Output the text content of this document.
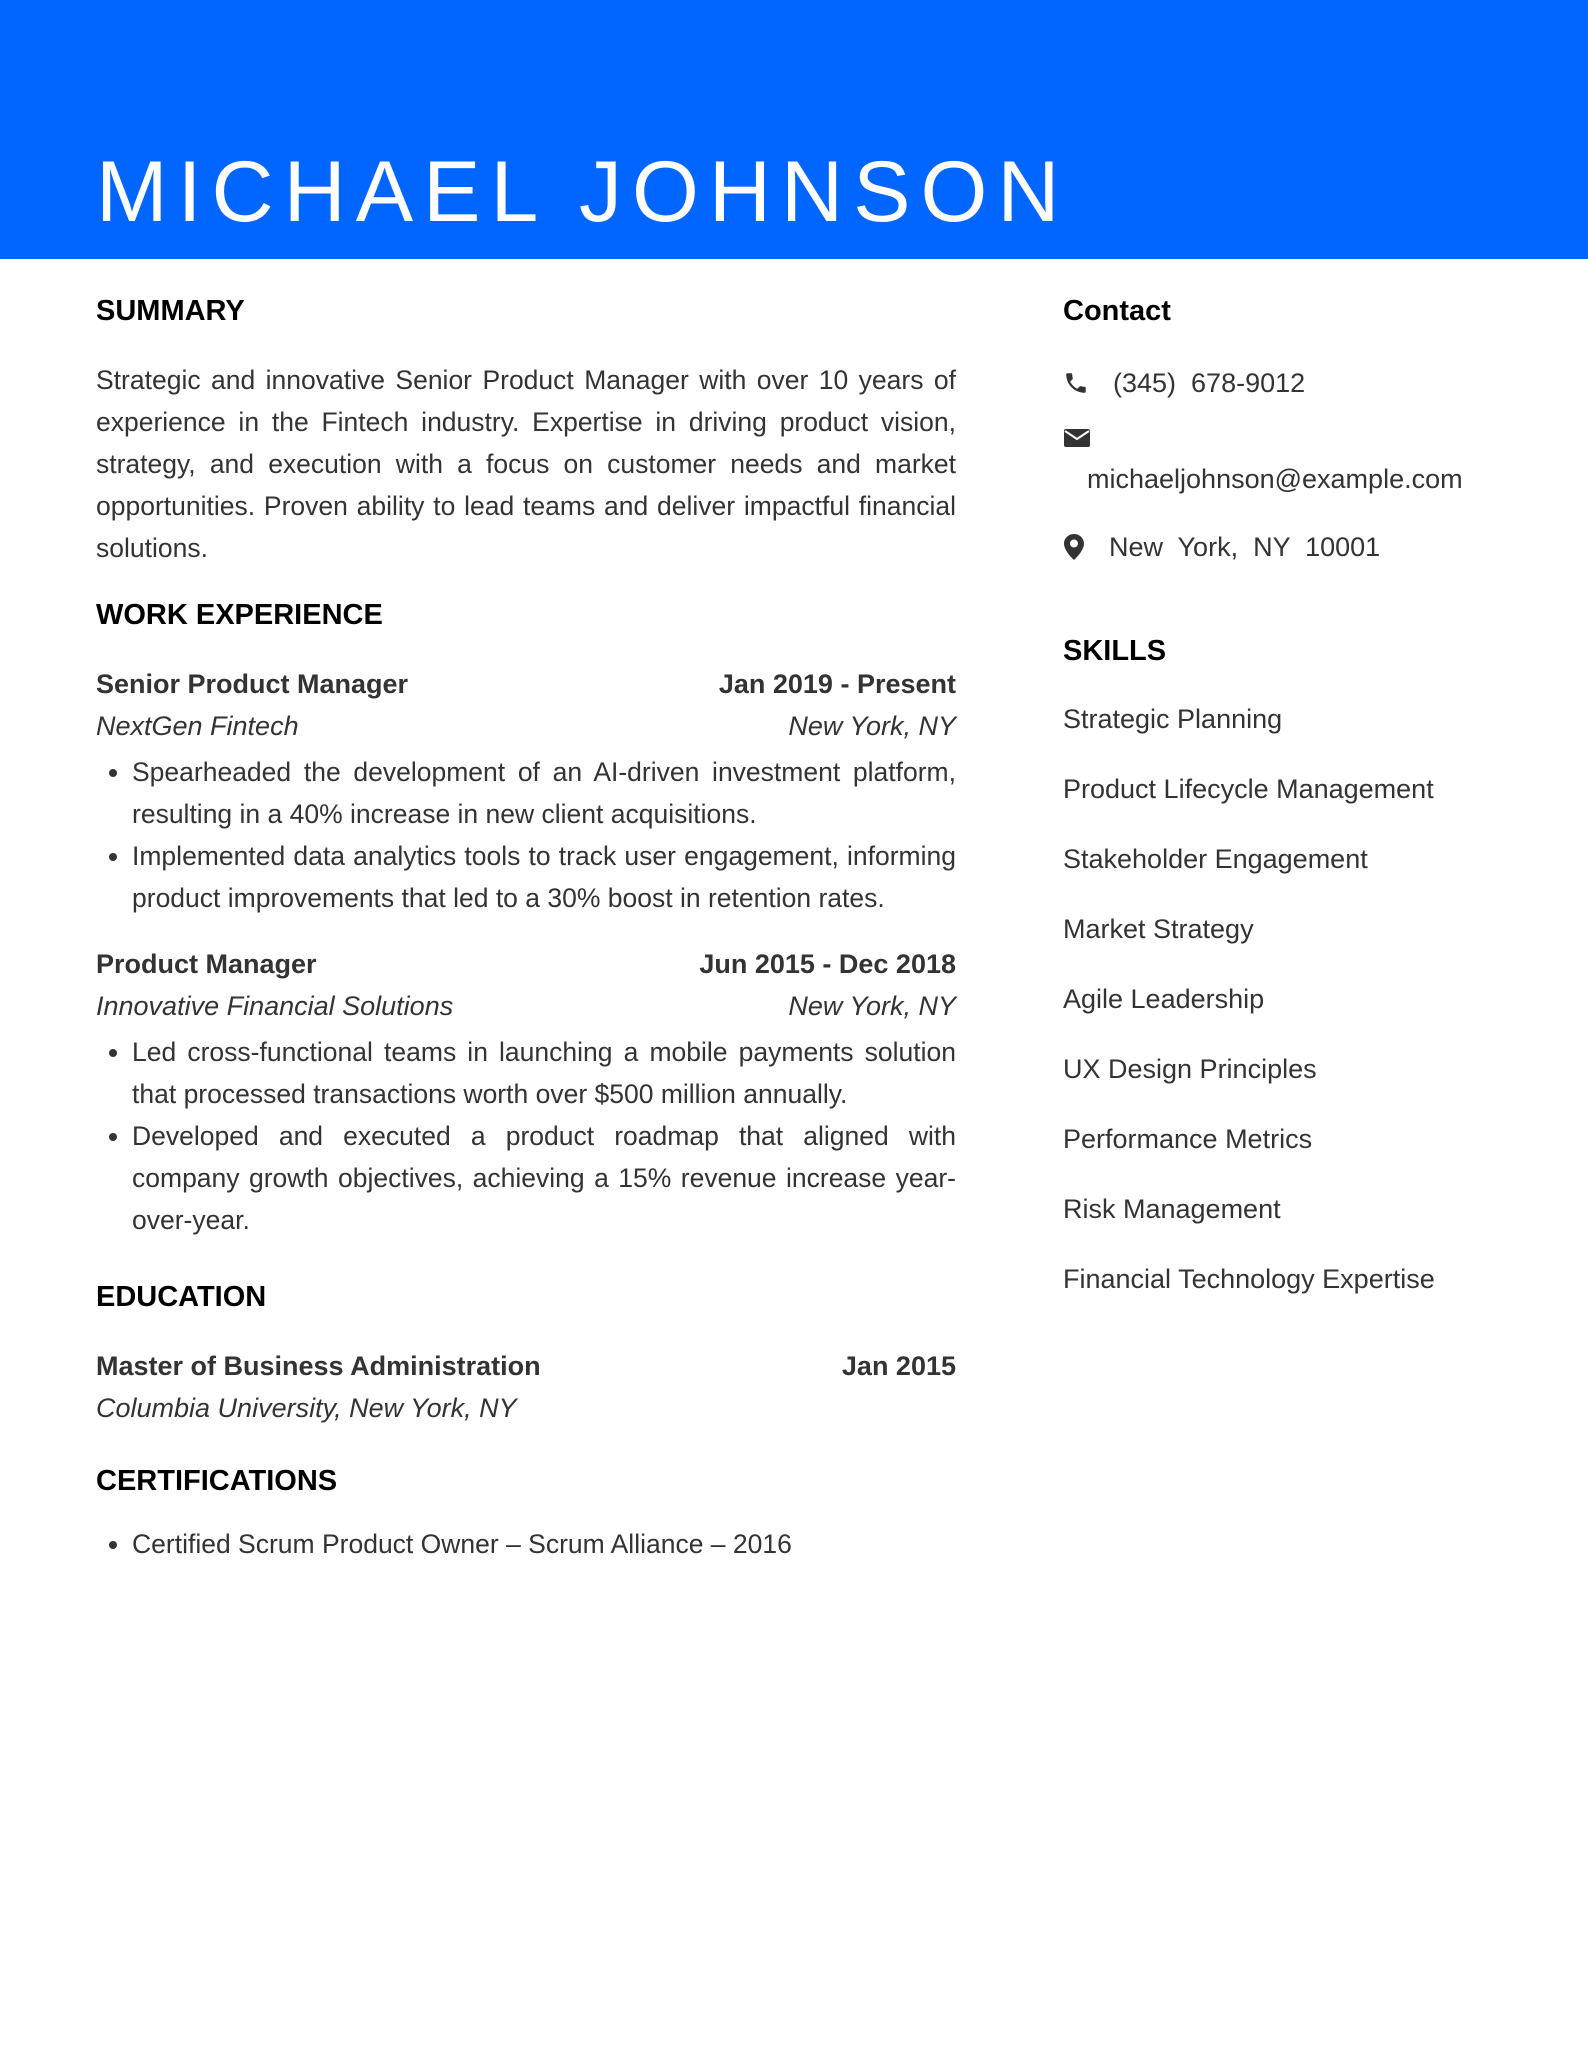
MICHAEL JOHNSON
SUMMARY

Strategic and innovative Senior Product Manager with over 10 years of experience in the Fintech industry. Expertise in driving product vision, strategy, and execution with a focus on customer needs and market opportunities. Proven ability to lead teams and deliver impactful financial solutions.

WORK EXPERIENCE
Senior Product Manager	Jan 2019 - Present
NextGen Fintech	New York, NY
• Spearheaded the development of an AI-driven investment platform, resulting in a 40% increase in new client acquisitions.
• Implemented data analytics tools to track user engagement, informing product improvements that led to a 30% boost in retention rates.
Product Manager	Jun 2015 - Dec 2018
Innovative Financial Solutions	New York, NY
• Led cross-functional teams in launching a mobile payments solution that processed transactions worth over $500 million annually.
• Developed and executed a product roadmap that aligned with company growth objectives, achieving a 15% revenue increase year-over-year.
EDUCATION
Master of Business Administration	Jan 2015
Columbia University, New York, NY
CERTIFICATIONS
• Certified Scrum Product Owner – Scrum Alliance – 2016
Contact
(345)  678-9012
michaeljohnson@example.com
New  York,  NY  10001
SKILLS
Strategic Planning
Product Lifecycle Management
Stakeholder Engagement
Market Strategy
Agile Leadership
UX Design Principles
Performance Metrics
Risk Management
Financial Technology Expertise
